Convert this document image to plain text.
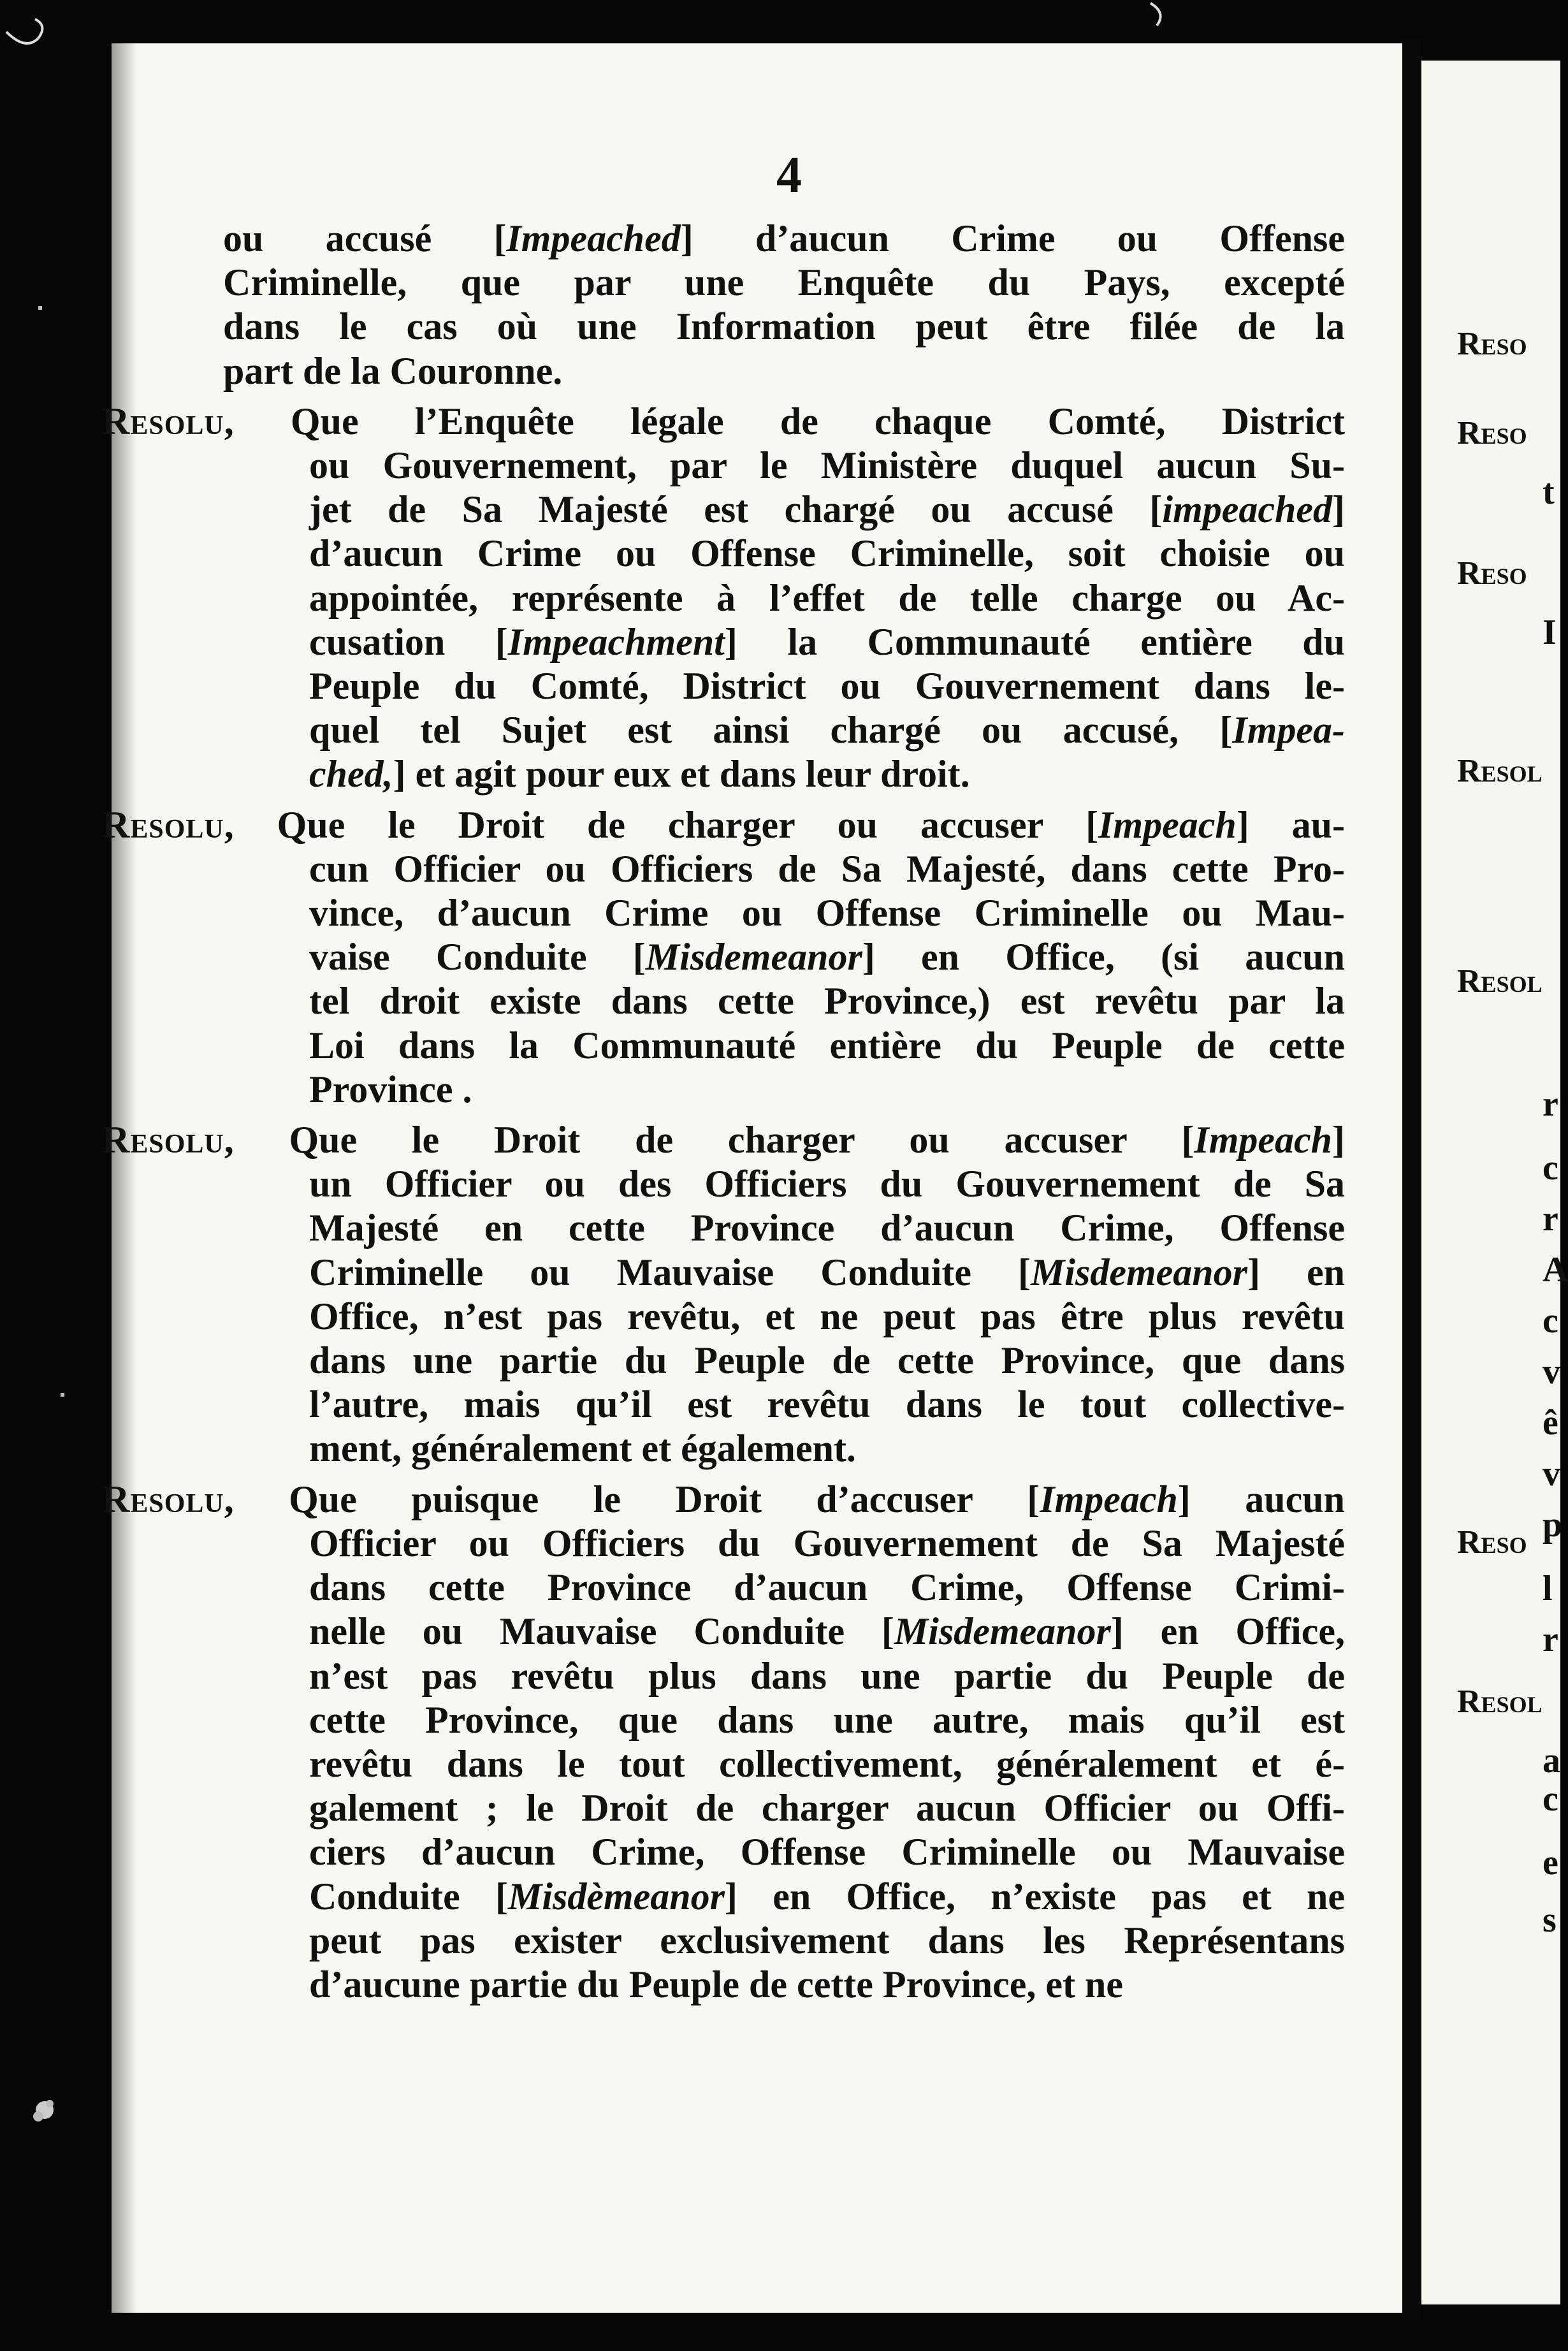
4
ou accusé [Impeached] d’aucun Crime ou Offense
Criminelle, que par une Enquête du Pays, excepté
dans le cas où une Information peut être filée de la
part de la Couronne.
Resolu, Que l’Enquête légale de chaque Comté, District
ou Gouvernement, par le Ministère duquel aucun Su-
jet de Sa Majesté est chargé ou accusé [impeached]
d’aucun Crime ou Offense Criminelle, soit choisie ou
appointée, représente à l’effet de telle charge ou Ac-
cusation [Impeachment] la Communauté entière du
Peuple du Comté, District ou Gouvernement dans le-
quel tel Sujet est ainsi chargé ou accusé, [Impea-
ched,] et agit pour eux et dans leur droit.
Resolu, Que le Droit de charger ou accuser [Impeach] au-
cun Officier ou Officiers de Sa Majesté, dans cette Pro-
vince, d’aucun Crime ou Offense Criminelle ou Mau-
vaise Conduite [Misdemeanor] en Office, (si aucun
tel droit existe dans cette Province,) est revêtu par la
Loi dans la Communauté entière du Peuple de cette
Province .
Resolu, Que le Droit de charger ou accuser [Impeach]
un Officier ou des Officiers du Gouvernement de Sa
Majesté en cette Province d’aucun Crime, Offense
Criminelle ou Mauvaise Conduite [Misdemeanor] en
Office, n’est pas revêtu, et ne peut pas être plus revêtu
dans une partie du Peuple de cette Province, que dans
l’autre, mais qu’il est revêtu dans le tout collective-
ment, généralement et également.
Resolu, Que puisque le Droit d’accuser [Impeach] aucun
Officier ou Officiers du Gouvernement de Sa Majesté
dans cette Province d’aucun Crime, Offense Crimi-
nelle ou Mauvaise Conduite [Misdemeanor] en Office,
n’est pas revêtu plus dans une partie du Peuple de
cette Province, que dans une autre, mais qu’il est
revêtu dans le tout collectivement, généralement et é-
galement ; le Droit de charger aucun Officier ou Offi-
ciers d’aucun Crime, Offense Criminelle ou Mauvaise
Conduite [Misdèmeanor] en Office, n’existe pas et ne
peut pas exister exclusivement dans les Représentans
d’aucune partie du Peuple de cette Province, et ne
Reso
Reso
t
Reso
I
Resol
Resol
r
c
r
A
c
v
ê
v
p
Reso
l
r
Resol
a
c
e
s
